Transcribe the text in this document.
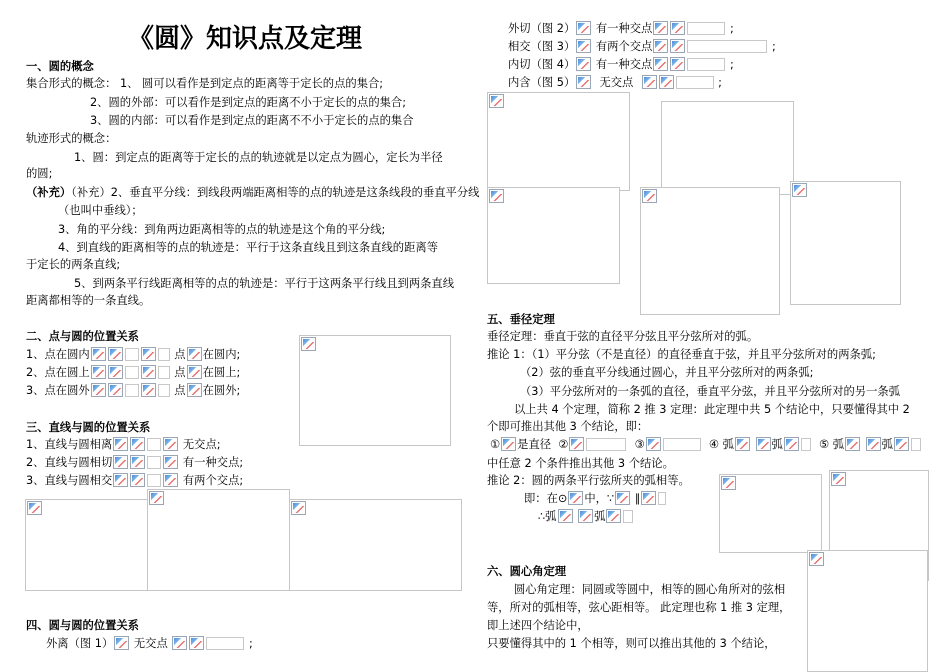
《圆》知识点及定理
一、圆的概念
集合形式的概念： 1、 圆可以看作是到定点的距离等于定长的点的集合;
2、圆的外部：可以看作是到定点的距离不小于定长的点的集合;
3、圆的内部：可以看作是到定点的距离不不小于定长的点的集合
轨迹形式的概念：
1、圆：到定点的距离等于定长的点的轨迹就是以定点为圆心，定长为半径
的圆;
（补充）（补充）2、垂直平分线：到线段两端距离相等的点的轨迹是这条线段的垂直平分线
（也叫中垂线）；
3、角的平分线：到角两边距离相等的点的轨迹是这个角的平分线;
4、到直线的距离相等的点的轨迹是：平行于这条直线且到这条直线的距离等
于定长的两条直线;
5、到两条平行线距离相等的点的轨迹是：平行于这两条平行线且到两条直线
距离都相等的一条直线。
二、点与圆的位置关系
1、点在圆内	点 在圆内;
2、点在圆上	点 在圆上;
3、点在圆外	点 在圆外;
三、直线与圆的位置关系
1、直线与圆相离	无交点;
2、直线与圆相切	有一种交点;
3、直线与圆相交	有两个交点;
四、圆与圆的位置关系
外离（图 1） 无交点	;
外切（图 2） 有一种交点	;
相交（图 3） 有两个交点	;
内切（图 4） 有一种交点	;
内含（图 5） 无交点	;
五、垂径定理
垂径定理：垂直于弦的直径平分弦且平分弦所对的弧。
推论 1：（1）平分弦（不是直径）的直径垂直于弦，并且平分弦所对的两条弧;
（2）弦的垂直平分线通过圆心，并且平分弦所对的两条弧;
（3）平分弦所对的一条弧的直径，垂直平分弦，并且平分弦所对的另一条弧
以上共 4 个定理，简称 2 推 3 定理：此定理中共 5 个结论中，只要懂得其中 2
个即可推出其他 3 个结论，即：
① 是直径 ②	③	④ 弧	弧	⑤ 弧	弧
中任意 2 个条件推出其他 3 个结论。
推论 2：圆的两条平行弦所夹的弧相等。
即：在⊙ 中，∵ ∥
∴弧	弧
六、圆心角定理
圆心角定理：同圆或等圆中，相等的圆心角所对的弦相
等，所对的弧相等，弦心距相等。 此定理也称 1 推 3 定理，
即上述四个结论中，
只要懂得其中的 1 个相等，则可以推出其他的 3 个结论，
